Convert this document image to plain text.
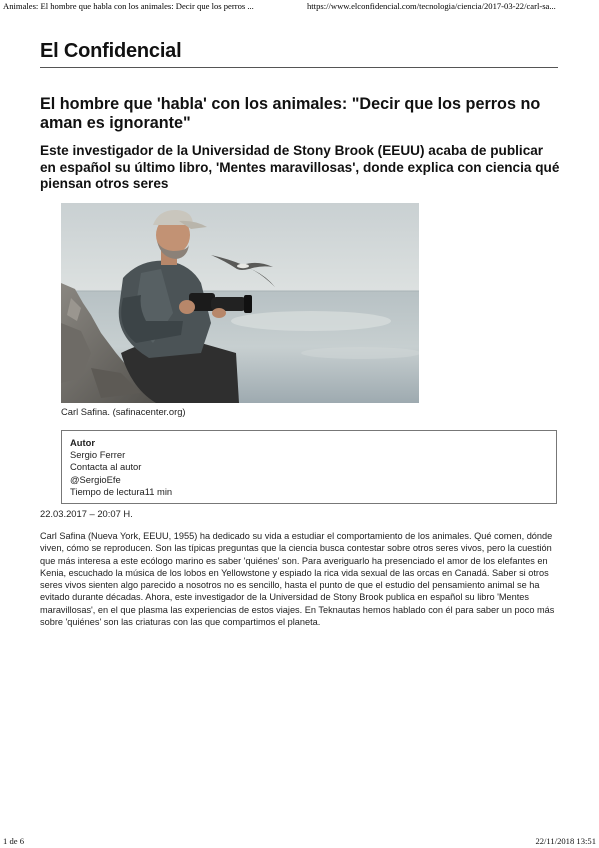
Animales: El hombre que habla con los animales: Decir que los perros ...	https://www.elconfidencial.com/tecnologia/ciencia/2017-03-22/carl-sa...
El Confidencial
El hombre que 'habla' con los animales: "Decir que los perros no aman es ignorante"
Este investigador de la Universidad de Stony Brook (EEUU) acaba de publicar en español su último libro, 'Mentes maravillosas', donde explica con ciencia qué piensan otros seres
Carl Safina. (safinacenter.org)
Autor
Sergio Ferrer
Contacta al autor
@SergioEfe
Tiempo de lectura11 min
22.03.2017 – 20:07 H.

Carl Safina (Nueva York, EEUU, 1955) ha dedicado su vida a estudiar el comportamiento de los animales. Qué comen, dónde viven, cómo se reproducen. Son las típicas preguntas que la ciencia busca contestar sobre otros seres vivos, pero la cuestión que más interesa a este ecólogo marino es saber 'quiénes' son. Para averiguarlo ha presenciado el amor de los elefantes en Kenia, escuchado la música de los lobos en Yellowstone y espiado la rica vida sexual de las orcas en Canadá. Saber si otros seres vivos sienten algo parecido a nosotros no es sencillo, hasta el punto de que el estudio del pensamiento animal se ha evitado durante décadas. Ahora, este investigador de la Universidad de Stony Brook publica en español su libro 'Mentes maravillosas', en el que plasma las experiencias de estos viajes. En Teknautas hemos hablado con él para saber un poco más sobre 'quiénes' son las criaturas con las que compartimos el planeta.

1 de 6	22/11/2018 13:51
